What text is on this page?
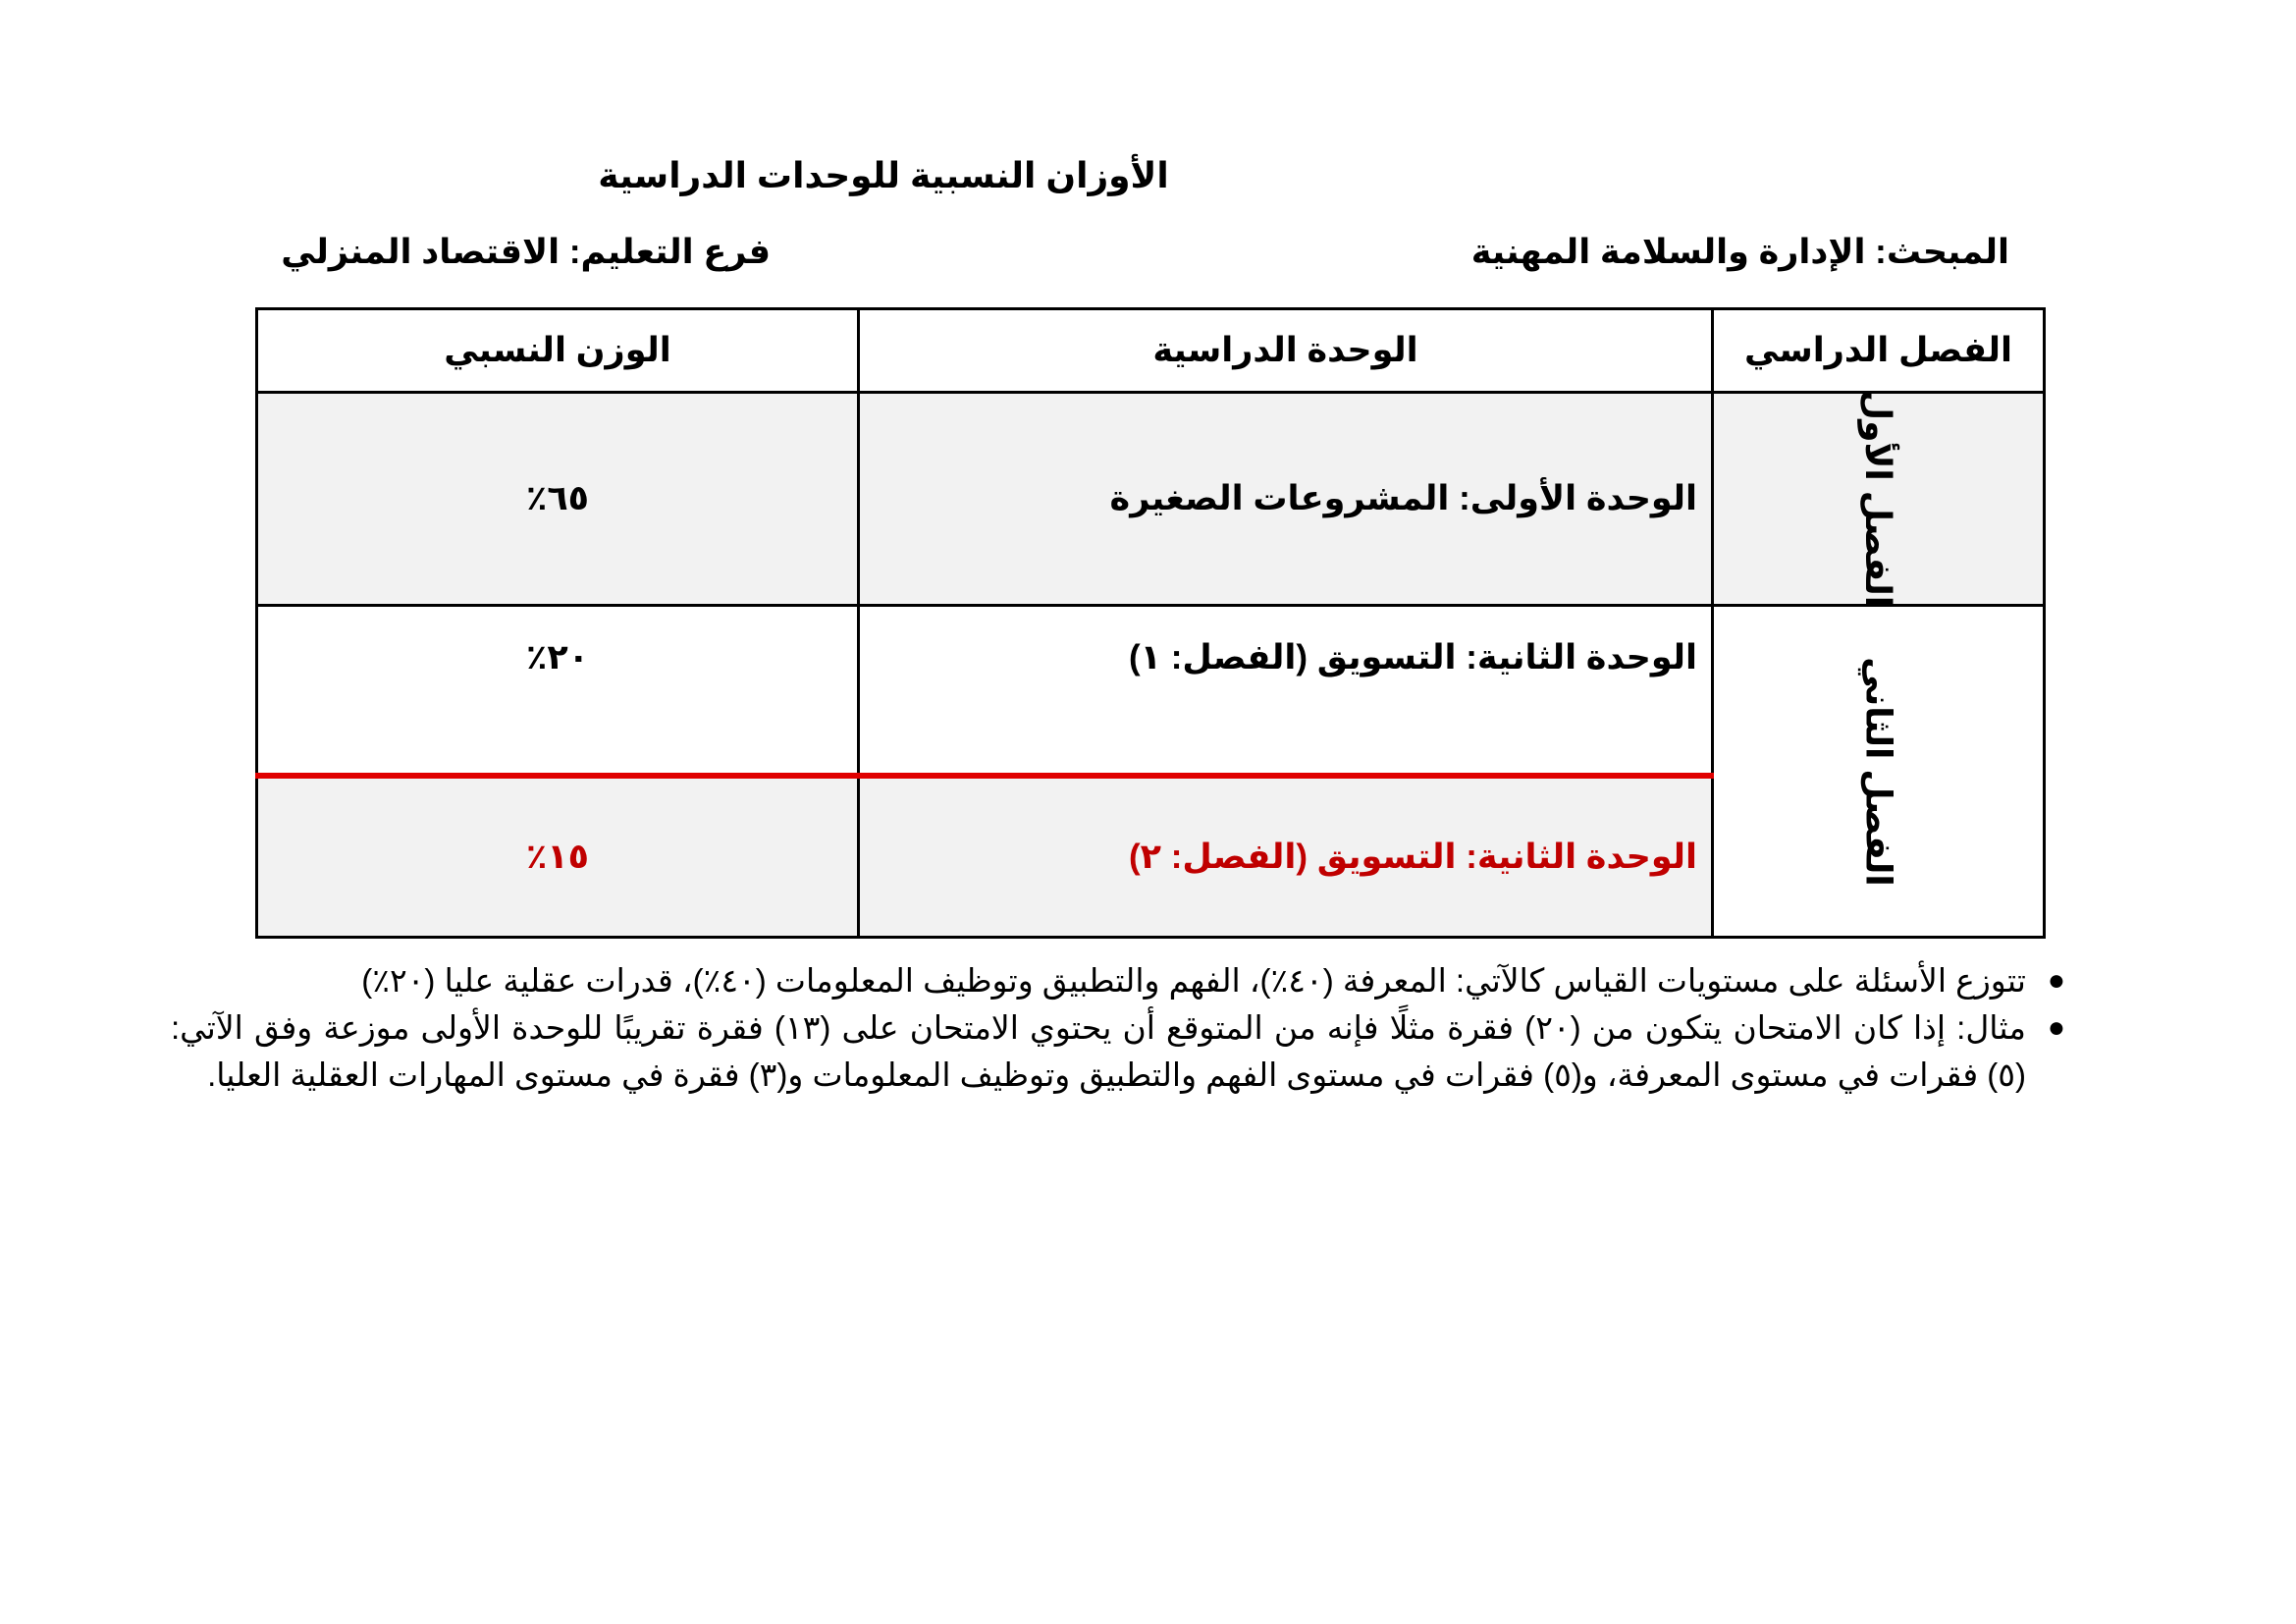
الأوزان النسبية للوحدات الدراسية
المبحث: الإدارة والسلامة المهنية
فرع التعليم: الاقتصاد المنزلي
الفصل الدراسي	الوحدة الدراسية	الوزن النسبي
الفصل الأول	الوحدة الأولى: المشروعات الصغيرة	٦٥٪
الفصل الثاني	الوحدة الثانية: التسويق (الفصل: ١)	٢٠٪
	الوحدة الثانية: التسويق (الفصل: ٢)	١٥٪
●
تتوزع الأسئلة على مستويات القياس كالآتي: المعرفة (٤٠٪)، الفهم والتطبيق وتوظيف المعلومات (٤٠٪)، قدرات عقلية عليا (٢٠٪)
●
مثال: إذا كان الامتحان يتكون من (٢٠) فقرة مثلًا فإنه من المتوقع أن يحتوي الامتحان على (١٣) فقرة تقريبًا للوحدة الأولى موزعة وفق الآتي: (٥) فقرات في مستوى المعرفة، و(٥) فقرات في مستوى الفهم والتطبيق وتوظيف المعلومات و(٣) فقرة في مستوى المهارات العقلية العليا.
